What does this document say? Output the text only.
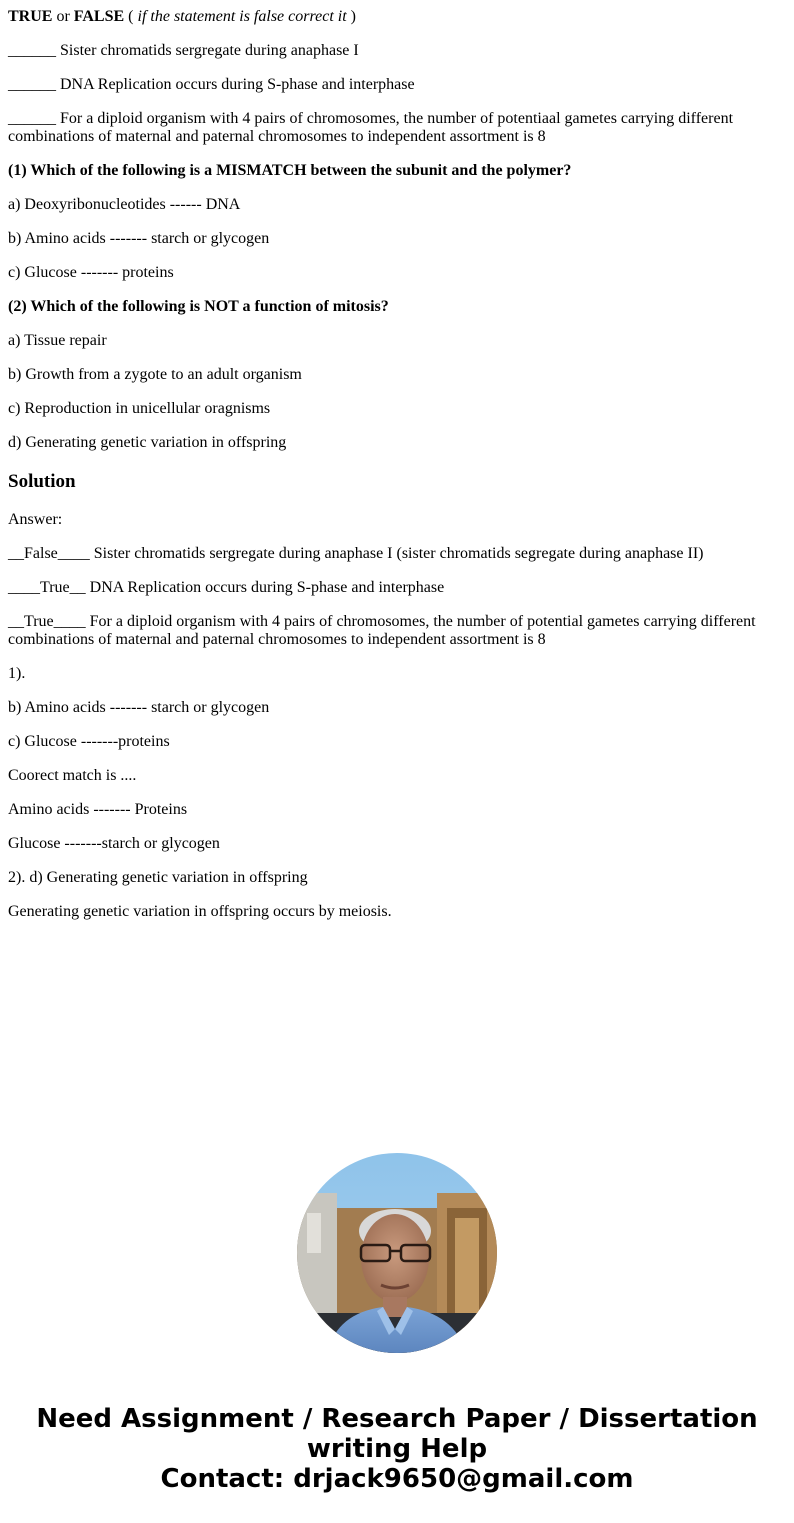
TRUE or FALSE ( if the statement is false correct it )

______ Sister chromatids sergregate during anaphase I

______ DNA Replication occurs during S-phase and interphase

______ For a diploid organism with 4 pairs of chromosomes, the number of potentiaal gametes carrying different combinations of maternal and paternal chromosomes to independent assortment is 8

(1) Which of the following is a MISMATCH between the subunit and the polymer?

a) Deoxyribonucleotides ------ DNA

b) Amino acids ------- starch or glycogen

c) Glucose ------- proteins

(2) Which of the following is NOT a function of mitosis?

a) Tissue repair

b) Growth from a zygote to an adult organism

c) Reproduction in unicellular oragnisms

d) Generating genetic variation in offspring

Solution

Answer:

__False____ Sister chromatids sergregate during anaphase I (sister chromatids segregate during anaphase II)

____True__ DNA Replication occurs during S-phase and interphase

__True____ For a diploid organism with 4 pairs of chromosomes, the number of potential gametes carrying different combinations of maternal and paternal chromosomes to independent assortment is 8

1).

b) Amino acids ------- starch or glycogen

c) Glucose -------proteins

Coorect match is ....

Amino acids ------- Proteins

Glucose -------starch or glycogen

2). d) Generating genetic variation in offspring

Generating genetic variation in offspring occurs by meiosis.

Need Assignment / Research Paper / Dissertation
writing Help
Contact: drjack9650@gmail.com
